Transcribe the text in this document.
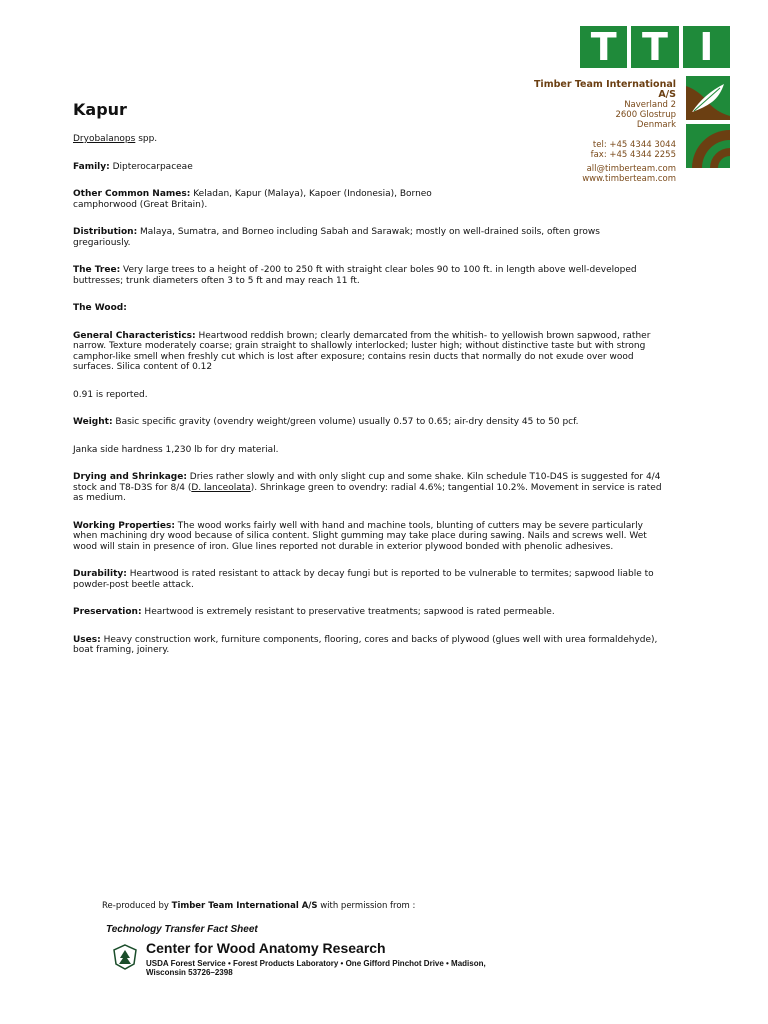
T T I
Timber Team International A/S
Naverland 2
2600 Glostrup
Denmark
tel: +45 4344 3044
fax: +45 4344 2255
all@timberteam.com
www.timberteam.com
Kapur

Dryobalanops spp.

Family: Dipterocarpaceae

Other Common Names: Keladan, Kapur (Malaya), Kapoer (Indonesia), Borneo camphorwood (Great Britain).

Distribution: Malaya, Sumatra, and Borneo including Sabah and Sarawak; mostly on well-drained soils, often grows gregariously.

The Tree: Very large trees to a height of -200 to 250 ft with straight clear boles 90 to 100 ft. in length above well-developed buttresses; trunk diameters often 3 to 5 ft and may reach 11 ft.

The Wood:

General Characteristics: Heartwood reddish brown; clearly demarcated from the whitish- to yellowish brown sapwood, rather narrow. Texture moderately coarse; grain straight to shallowly interlocked; luster high; without distinctive taste but with strong camphor-like smell when freshly cut which is lost after exposure; contains resin ducts that normally do not exude over wood surfaces. Silica content of 0.12

0.91 is reported.

Weight: Basic specific gravity (ovendry weight/green volume) usually 0.57 to 0.65; air-dry density 45 to 50 pcf.

Janka side hardness 1,230 lb for dry material.

Drying and Shrinkage: Dries rather slowly and with only slight cup and some shake. Kiln schedule T10-D4S is suggested for 4/4 stock and T8-D3S for 8/4 (D. lanceolata). Shrinkage green to ovendry: radial 4.6%; tangential 10.2%. Movement in service is rated as medium.

Working Properties: The wood works fairly well with hand and machine tools, blunting of cutters may be severe particularly when machining dry wood because of silica content. Slight gumming may take place during sawing. Nails and screws well. Wet wood will stain in presence of iron. Glue lines reported not durable in exterior plywood bonded with phenolic adhesives.

Durability: Heartwood is rated resistant to attack by decay fungi but is reported to be vulnerable to termites; sapwood liable to powder-post beetle attack.

Preservation: Heartwood is extremely resistant to preservative treatments; sapwood is rated permeable.

Uses: Heavy construction work, furniture components, flooring, cores and backs of plywood (glues well with urea formaldehyde), boat framing, joinery.

Re-produced by Timber Team International A/S with permission from :
Technology Transfer Fact Sheet
Center for Wood Anatomy Research
USDA Forest Service • Forest Products Laboratory • One Gifford Pinchot Drive • Madison, Wisconsin 53726–2398
